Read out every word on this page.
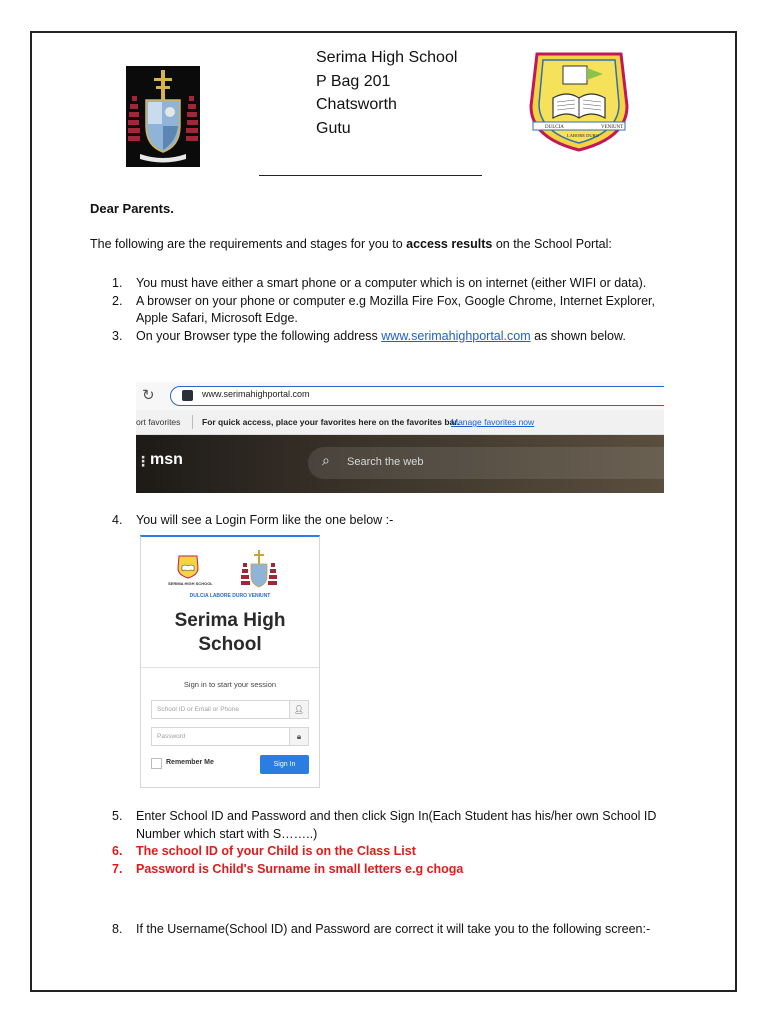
Serima High School
P Bag 201
Chatsworth
Gutu	DULCIA
LABORE DURO
VENIUNT
Dear Parents.
The following are the requirements and stages for you to access results on the School Portal:
1.	You must have either a smart phone or a computer which is on internet (either WIFI or data).
2.	A browser on your phone or computer e.g Mozilla Fire Fox, Google Chrome, Internet Explorer, Apple Safari, Microsoft Edge.
3.	On your Browser type the following address www.serimahighportal.com as shown below.
↻	www.serimahighportal.com
ort favorites	For quick access, place your favorites here on the favorites bar.
Manage favorites now
⋮ msn	⌕ Search the web
4.	You will see a Login Form like the one below :-
SERIMA HIGH SCHOOL
DULCIA LABORE DURO VENIUNT
Serima High School
Sign in to start your session
School ID or Email or Phone	👤︎
Password	🔒︎
Remember Me	Sign In
5.	Enter School ID and Password and then click Sign In(Each Student has his/her own School ID Number which start with S……..)
6.	The school ID of your Child is on the Class List
7.	Password is Child's Surname in small letters e.g choga
8.	If the Username(School ID) and Password are correct it will take you to the following screen:-
